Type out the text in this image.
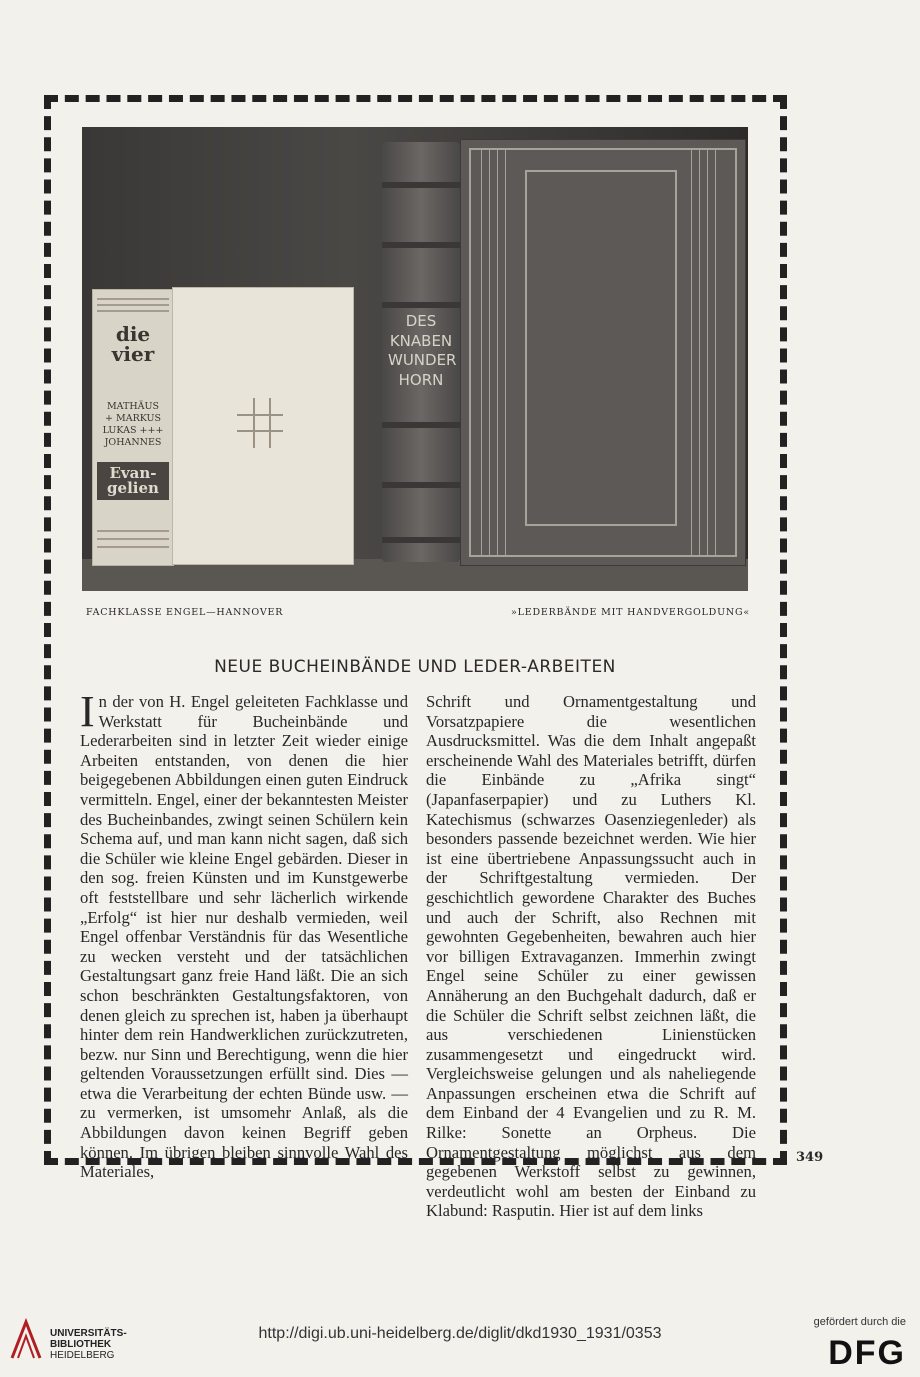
die vier
MATHÄUS
+ MARKUS
LUKAS +++
JOHANNES
Evan-gelien
DES
KNABEN
WUNDER
HORN
FACHKLASSE ENGEL—HANNOVER	»LEDERBÄNDE MIT HANDVERGOLDUNG«
NEUE BUCHEINBÄNDE UND LEDER-ARBEITEN

In der von H. Engel geleiteten Fachklasse und Werkstatt für Bucheinbände und Lederarbeiten sind in letzter Zeit wieder einige Arbeiten entstanden, von denen die hier beigegebenen Abbildungen einen guten Eindruck vermitteln. Engel, einer der bekanntesten Meister des Bucheinbandes, zwingt seinen Schülern kein Schema auf, und man kann nicht sagen, daß sich die Schüler wie kleine Engel gebärden. Dieser in den sog. freien Künsten und im Kunstgewerbe oft feststellbare und sehr lächerlich wirkende „Erfolg“ ist hier nur deshalb vermieden, weil Engel offenbar Verständnis für das Wesentliche zu wecken versteht und der tatsächlichen Gestaltungsart ganz freie Hand läßt. Die an sich schon beschränkten Gestaltungsfaktoren, von denen gleich zu sprechen ist, haben ja überhaupt hinter dem rein Handwerklichen zurückzutreten, bezw. nur Sinn und Berechtigung, wenn die hier geltenden Voraussetzungen erfüllt sind. Dies — etwa die Verarbeitung der echten Bünde usw. — zu vermerken, ist umsomehr Anlaß, als die Abbildungen davon keinen Begriff geben können. Im übrigen bleiben sinnvolle Wahl des Materiales,

Schrift und Ornamentgestaltung und Vorsatzpapiere die wesentlichen Ausdrucksmittel. Was die dem Inhalt angepaßt erscheinende Wahl des Materiales betrifft, dürfen die Einbände zu „Afrika singt“ (Japanfaserpapier) und zu Luthers Kl. Katechismus (schwarzes Oasenziegenleder) als besonders passende bezeichnet werden. Wie hier ist eine übertriebene Anpassungssucht auch in der Schriftgestaltung vermieden. Der geschichtlich gewordene Charakter des Buches und auch der Schrift, also Rechnen mit gewohnten Gegebenheiten, bewahren auch hier vor billigen Extravaganzen. Immerhin zwingt Engel seine Schüler zu einer gewissen Annäherung an den Buchgehalt dadurch, daß er die Schüler die Schrift selbst zeichnen läßt, die aus verschiedenen Linienstücken zusammengesetzt und eingedruckt wird. Vergleichsweise gelungen und als naheliegende Anpassungen erscheinen etwa die Schrift auf dem Einband der 4 Evangelien und zu R. M. Rilke: Sonette an Orpheus. Die Ornamentgestaltung möglichst aus dem gegebenen Werkstoff selbst zu gewinnen, verdeutlicht wohl am besten der Einband zu Klabund: Rasputin. Hier ist auf dem links

349
UNIVERSITÄTS-
BIBLIOTHEK
HEIDELBERG
http://digi.ub.uni-heidelberg.de/diglit/dkd1930_1931/0353
gefördert durch die
DFG
